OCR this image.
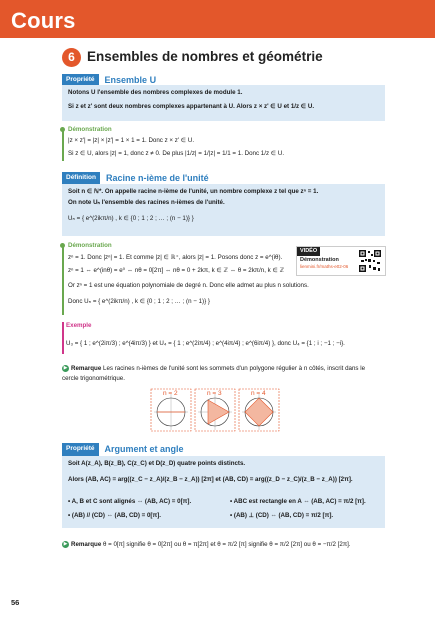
Cours
6 Ensembles de nombres et géométrie
Propriété	Ensemble U
Notons U l'ensemble des nombres complexes de module 1.
Si z et z' sont deux nombres complexes appartenant à U. Alors z × z' ∈ U et 1/z ∈ U.
Démonstration
|z × z'| = |z| × |z'| = 1 × 1 = 1. Donc z × z' ∈ U.
Si z ∈ U, alors |z| = 1, donc z ≠ 0. De plus |1/z| = 1/|z| = 1/1 = 1. Donc 1/z ∈ U.
Définition	Racine n-ième de l'unité
Soit n ∈ ℕ*. On appelle racine n-ième de l'unité, un nombre complexe z tel que zⁿ = 1.
On note Uₙ l'ensemble des racines n-ièmes de l'unité.
Uₙ = { e^(2ikπ/n) , k ∈ {0 ; 1 ; 2 ; … ; (n − 1)} }
Démonstration
zⁿ = 1. Donc |zⁿ| = 1. Et comme |z| ∈ ℝ⁺, alors |z| = 1. Posons donc z = e^(iθ).
zⁿ = 1 ⇔ e^(inθ) = e⁰ ⇔ nθ = 0[2π] ⇔ nθ = 0 + 2kπ, k ∈ ℤ ⇔ θ = 2kπ/n, k ∈ ℤ
Or zⁿ = 1 est une équation polynomiale de degré n. Donc elle admet au plus n solutions.
Donc Uₙ = { e^(2ikπ/n) , k ∈ {0 ; 1 ; 2 ; … ; (n − 1)} }
VIDÉO
Démonstration
lienmini.fr/maths-e02-06
Exemple
U₃ = { 1 ; e^(2iπ/3) ; e^(4iπ/3) } et U₄ = { 1 ; e^(2iπ/4) ; e^(4iπ/4) ; e^(6iπ/4) }, donc U₄ = {1 ; i ; −1 ; −i}.
▶ Remarque Les racines n-ièmes de l'unité sont les sommets d'un polygone régulier à n côtés, inscrit dans le
cercle trigonométrique.
n = 2	n = 3	n = 4
Propriété	Argument et angle
Soit A(z_A), B(z_B), C(z_C) et D(z_D) quatre points distincts.
Alors (AB, AC) = arg((z_C − z_A)/(z_B − z_A)) [2π] et (AB, CD) = arg((z_D − z_C)/(z_B − z_A)) [2π].
• A, B et C sont alignés ⇔ (AB, AC) = 0[π].	• ABC est rectangle en A ⇔ (AB, AC) = π/2 [π].
• (AB) // (CD) ⇔ (AB, CD) = 0[π].	• (AB) ⊥ (CD) ⇔ (AB, CD) = π/2 [π].
▶ Remarque θ = 0[π] signifie θ = 0[2π] ou θ = π[2π] et θ = π/2 [π] signifie θ = π/2 [2π] ou θ = −π/2 [2π].
56
